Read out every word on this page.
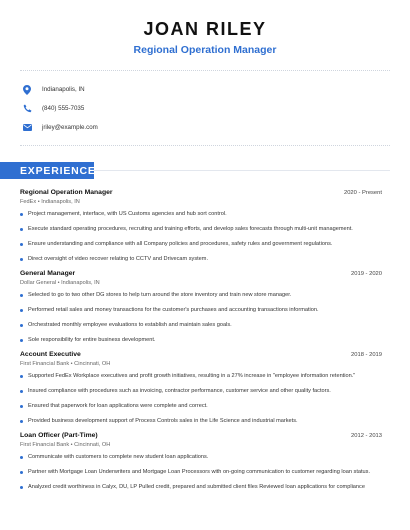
JOAN RILEY
Regional Operation Manager
Indianapolis, IN
(840) 555-7035
jriley@example.com
EXPERIENCE
Regional Operation Manager	2020 - Present
FedEx • Indianapolis, IN
Project management, interface, with US Customs agencies and hub sort control.
Execute standard operating procedures, recruiting and training efforts, and develop sales forecasts through multi-unit management.
Ensure understanding and compliance with all Company policies and procedures, safety rules and government regulations.
Direct oversight of video recover relating to CCTV and Drivecam system.
General Manager	2019 - 2020
Dollar General • Indianapolis, IN
Selected to go to two other DG stores to help turn around the store inventory and train new store manager.
Performed retail sales and money transactions for the customer's purchases and accounting transactions information.
Orchestrated monthly employee evaluations to establish and maintain sales goals.
Sole responsibility for entire business development.
Account Executive	2018 - 2019
First Financial Bank • Cincinnati, OH
Supported FedEx Workplace executives and profit growth initiatives, resulting in a 27% increase in "employee information retention."
Insured compliance with procedures such as invoicing, contractor performance, customer service and other quality factors.
Ensured that paperwork for loan applications were complete and correct.
Provided business development support of Process Controls sales in the Life Science and industrial markets.
Loan Officer (Part-Time)	2012 - 2013
First Financial Bank • Cincinnati, OH
Communicate with customers to complete new student loan applications.
Partner with Mortgage Loan Underwriters and Mortgage Loan Processors with on-going communication to customer regarding loan status.
Analyzed credit worthiness in Calyx, DU, LP Pulled credit, prepared and submitted client files Reviewed loan applications for compliance
